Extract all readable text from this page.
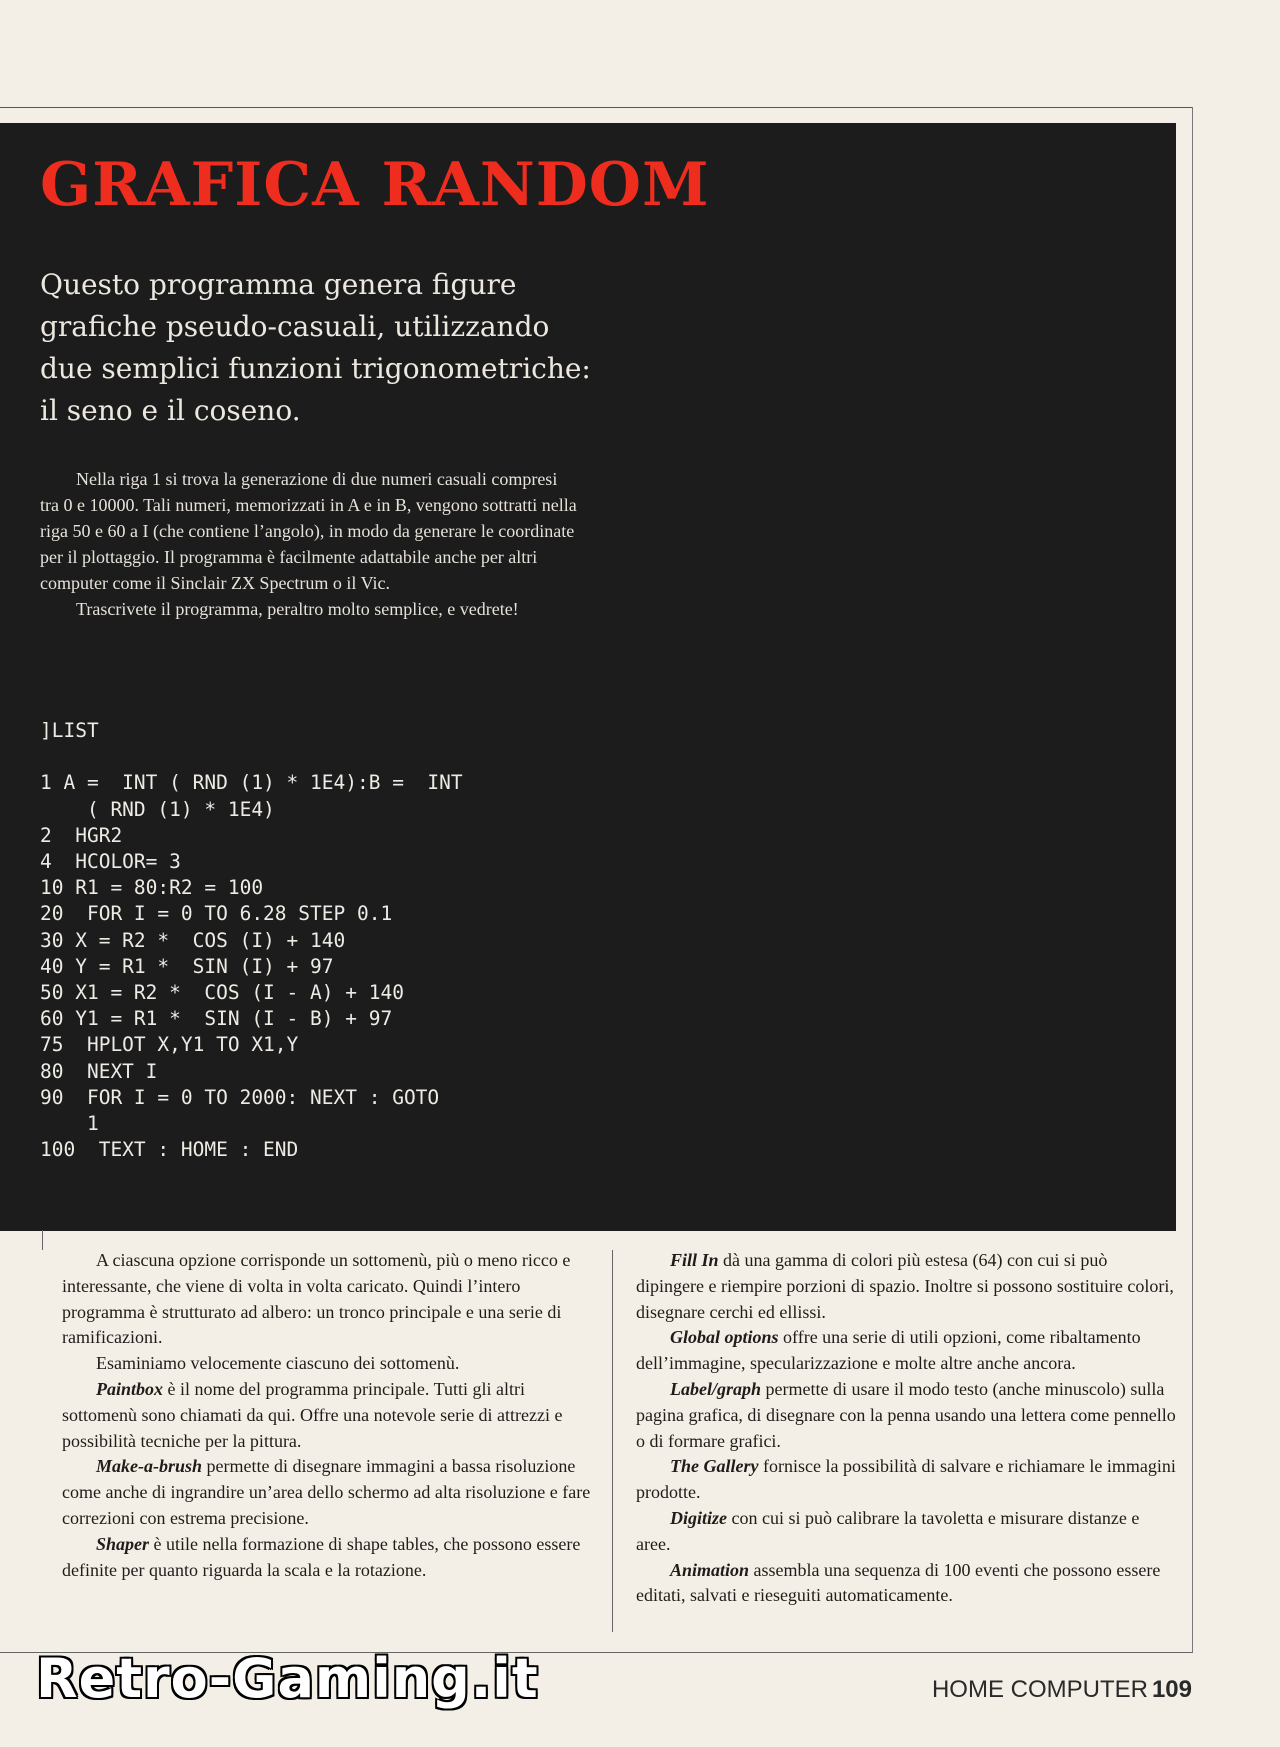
GRAFICA RANDOM

Questo programma genera figure grafiche pseudo-casuali, utilizzando due semplici funzioni trigonometriche: il seno e il coseno.

Nella riga 1 si trova la generazione di due numeri casuali compresi tra 0 e 10000. Tali numeri, memorizzati in A e in B, vengono sottratti nella riga 50 e 60 a I (che contiene l’angolo), in modo da generare le coordinate per il plottaggio. Il programma è facilmente adattabile anche per altri computer come il Sinclair ZX Spectrum o il Vic.

Trascrivete il programma, peraltro molto semplice, e vedrete!

]LIST

1 A =  INT ( RND (1) * 1E4):B =  INT
( RND (1) * 1E4)
2  HGR2
4  HCOLOR= 3
10 R1 = 80:R2 = 100
20  FOR I = 0 TO 6.28 STEP 0.1
30 X = R2 *  COS (I) + 140
40 Y = R1 *  SIN (I) + 97
50 X1 = R2 *  COS (I - A) + 140
60 Y1 = R1 *  SIN (I - B) + 97
75  HPLOT X,Y1 TO X1,Y
80  NEXT I
90  FOR I = 0 TO 2000: NEXT : GOTO
1
100  TEXT : HOME : END

A ciascuna opzione corrisponde un sottomenù, più o meno ricco e interessante, che viene di volta in volta caricato. Quindi l’intero programma è strutturato ad albero: un tronco principale e una serie di ramificazioni.

Esaminiamo velocemente ciascuno dei sottomenù.

Paintbox è il nome del programma principale. Tutti gli altri sottomenù sono chiamati da qui. Offre una notevole serie di attrezzi e possibilità tecniche per la pittura.

Make-a-brush permette di disegnare immagini a bassa risoluzione come anche di ingrandire un’area dello schermo ad alta risoluzione e fare correzioni con estrema precisione.

Shaper è utile nella formazione di shape tables, che possono essere definite per quanto riguarda la scala e la rotazione.

Fill In dà una gamma di colori più estesa (64) con cui si può dipingere e riempire porzioni di spazio. Inoltre si possono sostituire colori, disegnare cerchi ed ellissi.

Global options offre una serie di utili opzioni, come ribaltamento dell’immagine, specularizzazione e molte altre anche ancora.

Label/graph permette di usare il modo testo (anche minuscolo) sulla pagina grafica, di disegnare con la penna usando una lettera come pennello o di formare grafici.

The Gallery fornisce la possibilità di salvare e richiamare le immagini prodotte.

Digitize con cui si può calibrare la tavoletta e misurare distanze e aree.

Animation assembla una sequenza di 100 eventi che possono essere editati, salvati e rieseguiti automaticamente.

Retro-Gaming.it	HOME COMPUTER 109
